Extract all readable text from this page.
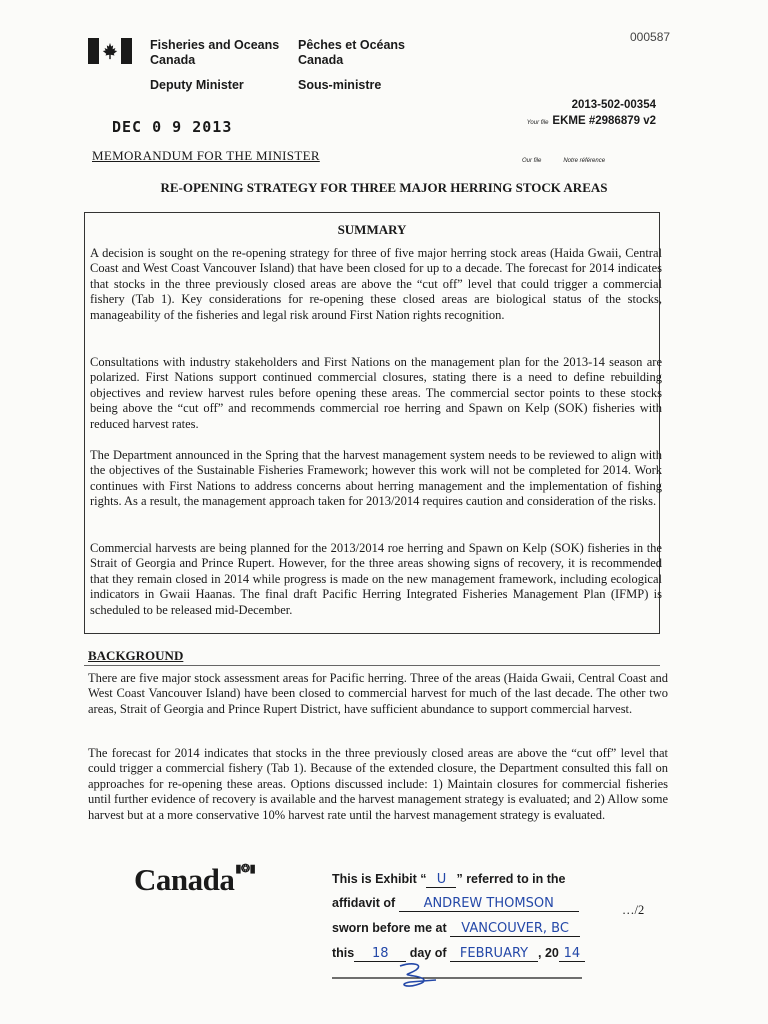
Fisheries and Oceans
Canada
Pêches et Océans
Canada
Deputy Minister	Sous-ministre
000587
2013-502-00354
Your file EKME #2986879 v2
DEC 0 9 2013
MEMORANDUM FOR THE MINISTER	Our file	Notre référence
RE-OPENING STRATEGY FOR THREE MAJOR HERRING STOCK AREAS
SUMMARY
A decision is sought on the re-opening strategy for three of five major herring stock areas (Haida Gwaii, Central Coast and West Coast Vancouver Island) that have been closed for up to a decade. The forecast for 2014 indicates that stocks in the three previously closed areas are above the “cut off” level that could trigger a commercial fishery (Tab 1). Key considerations for re-opening these closed areas are biological status of the stocks, manageability of the fisheries and legal risk around First Nation rights recognition.
Consultations with industry stakeholders and First Nations on the management plan for the 2013-14 season are polarized. First Nations support continued commercial closures, stating there is a need to define rebuilding objectives and review harvest rules before opening these areas. The commercial sector points to these stocks being above the “cut off” and recommends commercial roe herring and Spawn on Kelp (SOK) fisheries with reduced harvest rates.
The Department announced in the Spring that the harvest management system needs to be reviewed to align with the objectives of the Sustainable Fisheries Framework; however this work will not be completed for 2014. Work continues with First Nations to address concerns about herring management and the implementation of fishing rights. As a result, the management approach taken for 2013/2014 requires caution and consideration of the risks.
Commercial harvests are being planned for the 2013/2014 roe herring and Spawn on Kelp (SOK) fisheries in the Strait of Georgia and Prince Rupert. However, for the three areas showing signs of recovery, it is recommended that they remain closed in 2014 while progress is made on the new management framework, including ecological indicators in Gwaii Haanas. The final draft Pacific Herring Integrated Fisheries Management Plan (IFMP) is scheduled to be released mid-December.
BACKGROUND
There are five major stock assessment areas for Pacific herring. Three of the areas (Haida Gwaii, Central Coast and West Coast Vancouver Island) have been closed to commercial harvest for much of the last decade. The other two areas, Strait of Georgia and Prince Rupert District, have sufficient abundance to support commercial harvest.
The forecast for 2014 indicates that stocks in the three previously closed areas are above the “cut off” level that could trigger a commercial fishery (Tab 1). Because of the extended closure, the Department consulted this fall on approaches for re-opening these areas. Options discussed include: 1) Maintain closures for commercial fisheries until further evidence of recovery is available and the harvest management strategy is evaluated; and 2) Allow some harvest but at a more conservative 10% harvest rate until the harvest management strategy is evaluated.
Canada▮❂▮
This is Exhibit “ U ” referred to in the
affidavit of ANDREW THOMSON
sworn before me at VANCOUVER, BC
this 18 day of FEBRUARY , 20 14
…/2
